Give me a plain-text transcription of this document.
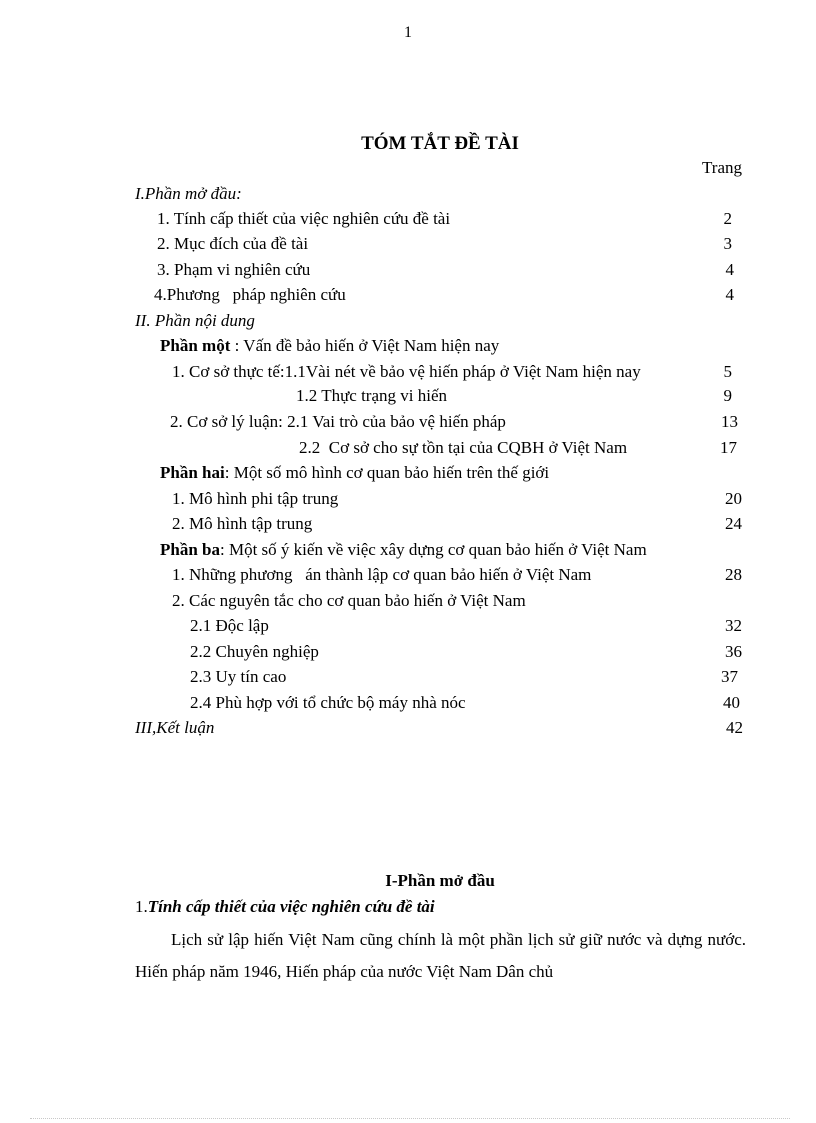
1
TÓM TẮT ĐỀ TÀI
Trang
I.Phần mở đầu:
1. Tính cấp thiết của việc nghiên cứu đề tài	2
2. Mục đích của đề tài	3
3. Phạm vi nghiên cứu	4
4.Phương   pháp nghiên cứu	4
II. Phần nội dung
Phần một : Vấn đề bảo hiến ở Việt Nam hiện nay
1. Cơ sở thực tế:1.1Vài nét về bảo vệ hiến pháp ở Việt Nam hiện nay	5
1.2 Thực trạng vi hiến	9
2. Cơ sở lý luận: 2.1 Vai trò của bảo vệ hiến pháp	13
2.2  Cơ sở cho sự tồn tại của CQBH ở Việt Nam	17
Phần hai: Một số mô hình cơ quan bảo hiến trên thế giới
1. Mô hình phi tập trung	20
2. Mô hình tập trung	24
Phần ba: Một số ý kiến về việc xây dựng cơ quan bảo hiến ở Việt Nam
1. Những phương   án thành lập cơ quan bảo hiến ở Việt Nam	28
2. Các nguyên tắc cho cơ quan bảo hiến ở Việt Nam
2.1 Độc lập	32
2.2 Chuyên nghiệp	36
2.3 Uy tín cao	37
2.4 Phù hợp với tổ chức bộ máy nhà nóc	40
III,Kết luận	42
I-Phần mở đầu
1.Tính cấp thiết của việc nghiên cứu đề tài
Lịch sử lập hiến Việt Nam cũng chính là một phần lịch sử giữ nước và dựng nước. Hiến pháp năm 1946, Hiến pháp của nước Việt Nam Dân chủ
